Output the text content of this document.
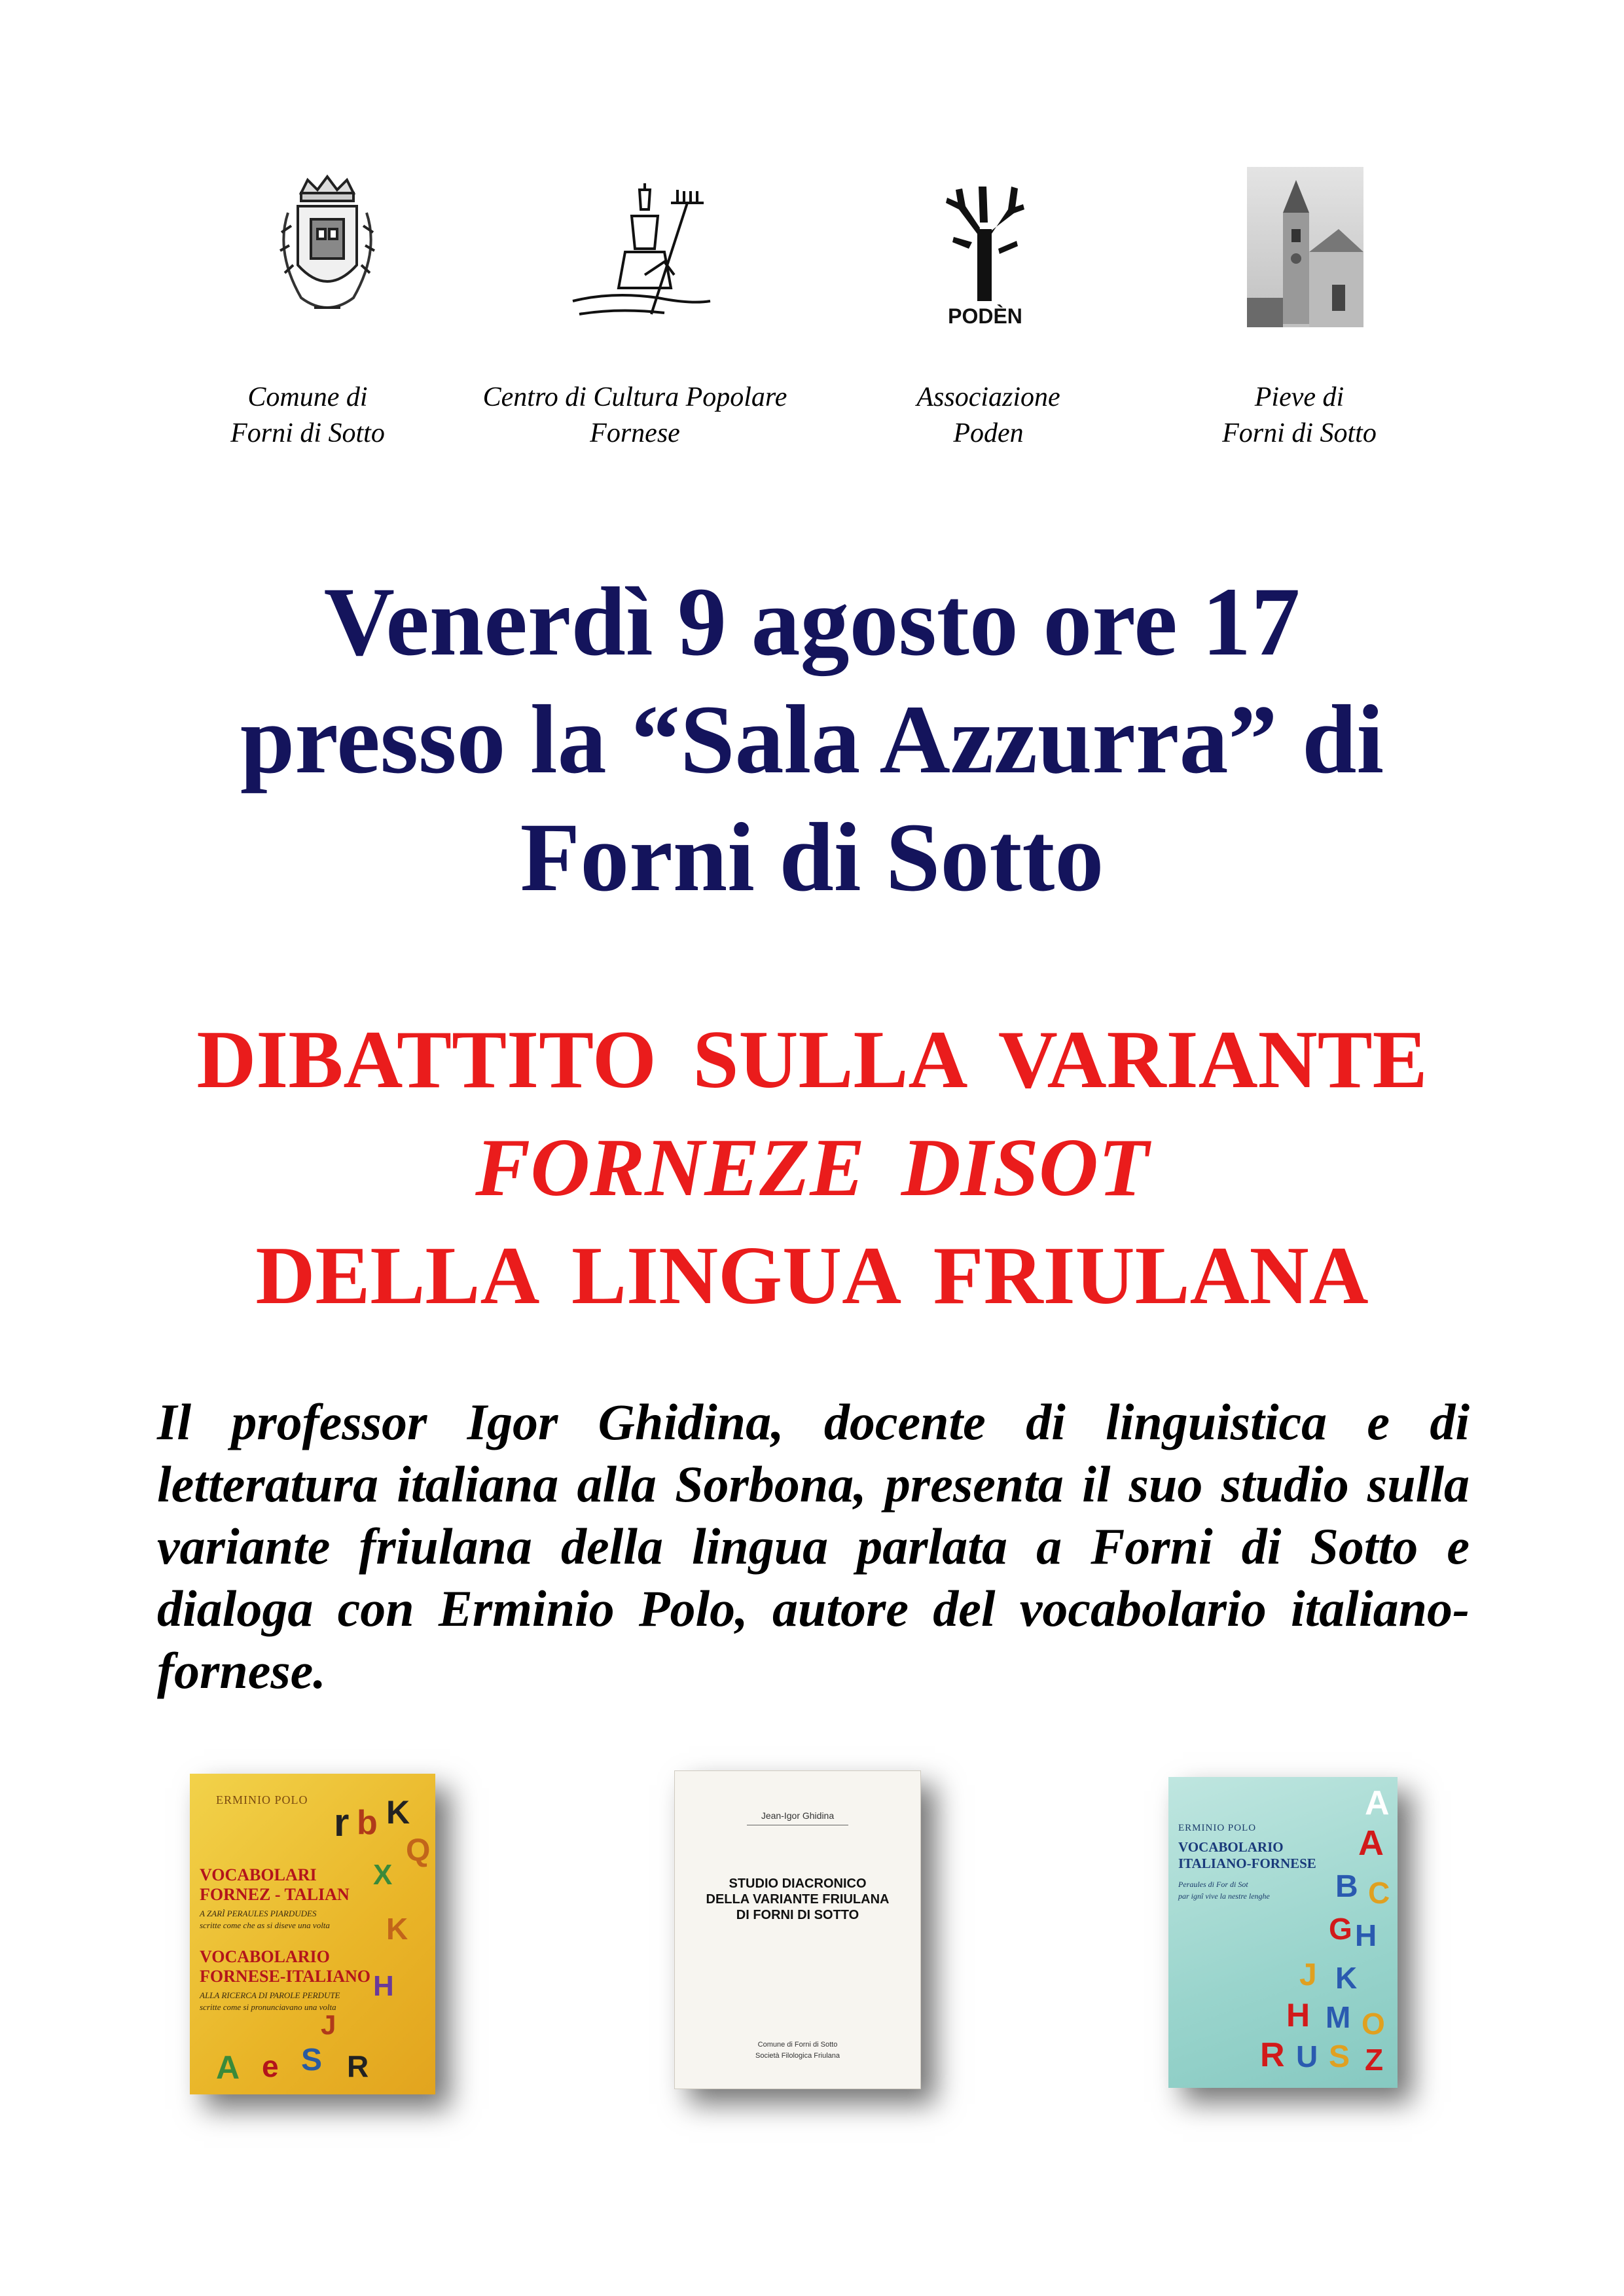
PODÈN
Comune di
Forni di Sotto
Centro di Cultura Popolare
Fornese
Associazione
Poden
Pieve di
Forni di Sotto
Venerdì 9 agosto ore 17
presso la “Sala Azzurra” di
Forni di Sotto
DIBATTITO SULLA VARIANTE
FORNEZE DISOT
DELLA LINGUA FRIULANA
Il professor Igor Ghidina, docente di linguistica e di letteratura italiana alla Sorbona, presenta il suo studio sulla variante friulana della lingua parlata a Forni di Sotto e dialoga con Erminio Polo, autore del vocabolario italiano-fornese.
ERMINIO POLO
VOCABOLARI
FORNEZ - TALIAN
A ZARÌ PERAULES PIARDUDES
scritte come che as si diseve una volta
VOCABOLARIO
FORNESE-ITALIANO
ALLA RICERCA DI PAROLE PERDUTE
scritte come si pronunciavano una volta
r b K
Q
X
K
H
A e S R
J
Jean-Igor Ghidina
STUDIO DIACRONICO
DELLA VARIANTE FRIULANA
DI FORNI DI SOTTO
Comune di Forni di Sotto
Società Filologica Friulana
ERMINIO POLO
VOCABOLARIO
ITALIANO-FORNESE
Peraules di For di Sot
par ignî vive la nestre lenghe
A
A
B C
G H
J K
H M O
R U S Z
